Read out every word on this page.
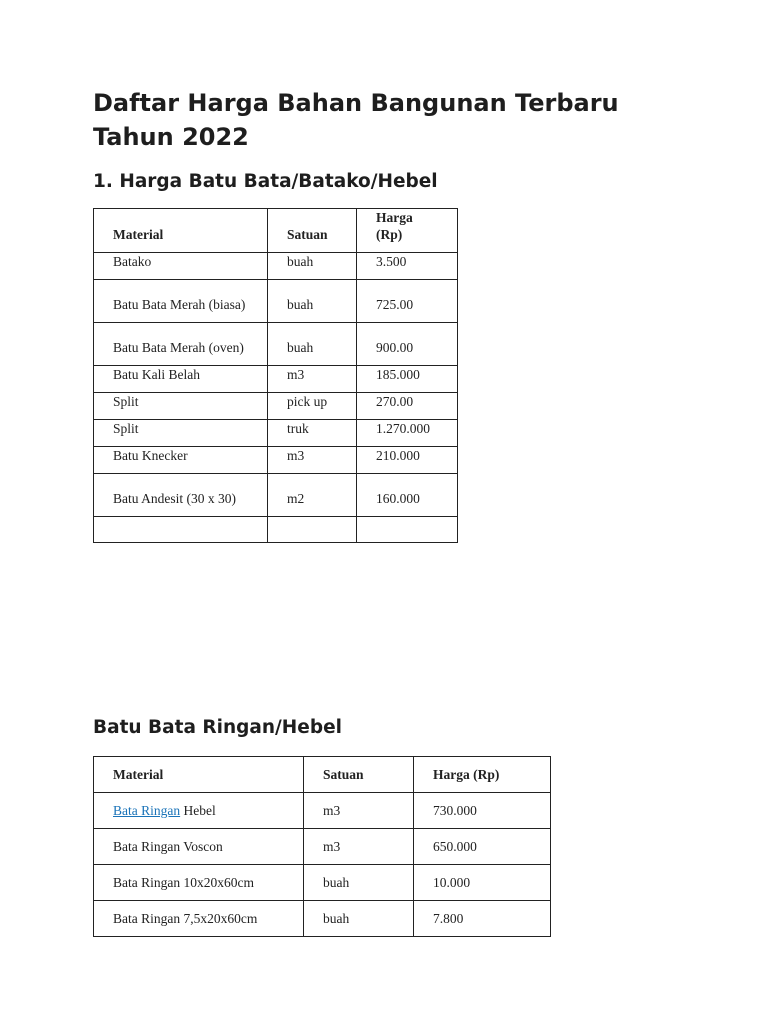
Daftar Harga Bahan Bangunan Terbaru Tahun 2022
1. Harga Batu Bata/Batako/Hebel
Material	Satuan	Harga (Rp)
Batako	buah	3.500
Batu Bata Merah (biasa)	buah	725.00
Batu Bata Merah (oven)	buah	900.00
Batu Kali Belah	m3	185.000
Split	pick up	270.00
Split	truk	1.270.000
Batu Knecker	m3	210.000
Batu Andesit (30 x 30)	m2	160.000

Batu Bata Ringan/Hebel
Material	Satuan	Harga (Rp)
Bata Ringan Hebel	m3	730.000
Bata Ringan Voscon	m3	650.000
Bata Ringan 10x20x60cm	buah	10.000
Bata Ringan 7,5x20x60cm	buah	7.800
